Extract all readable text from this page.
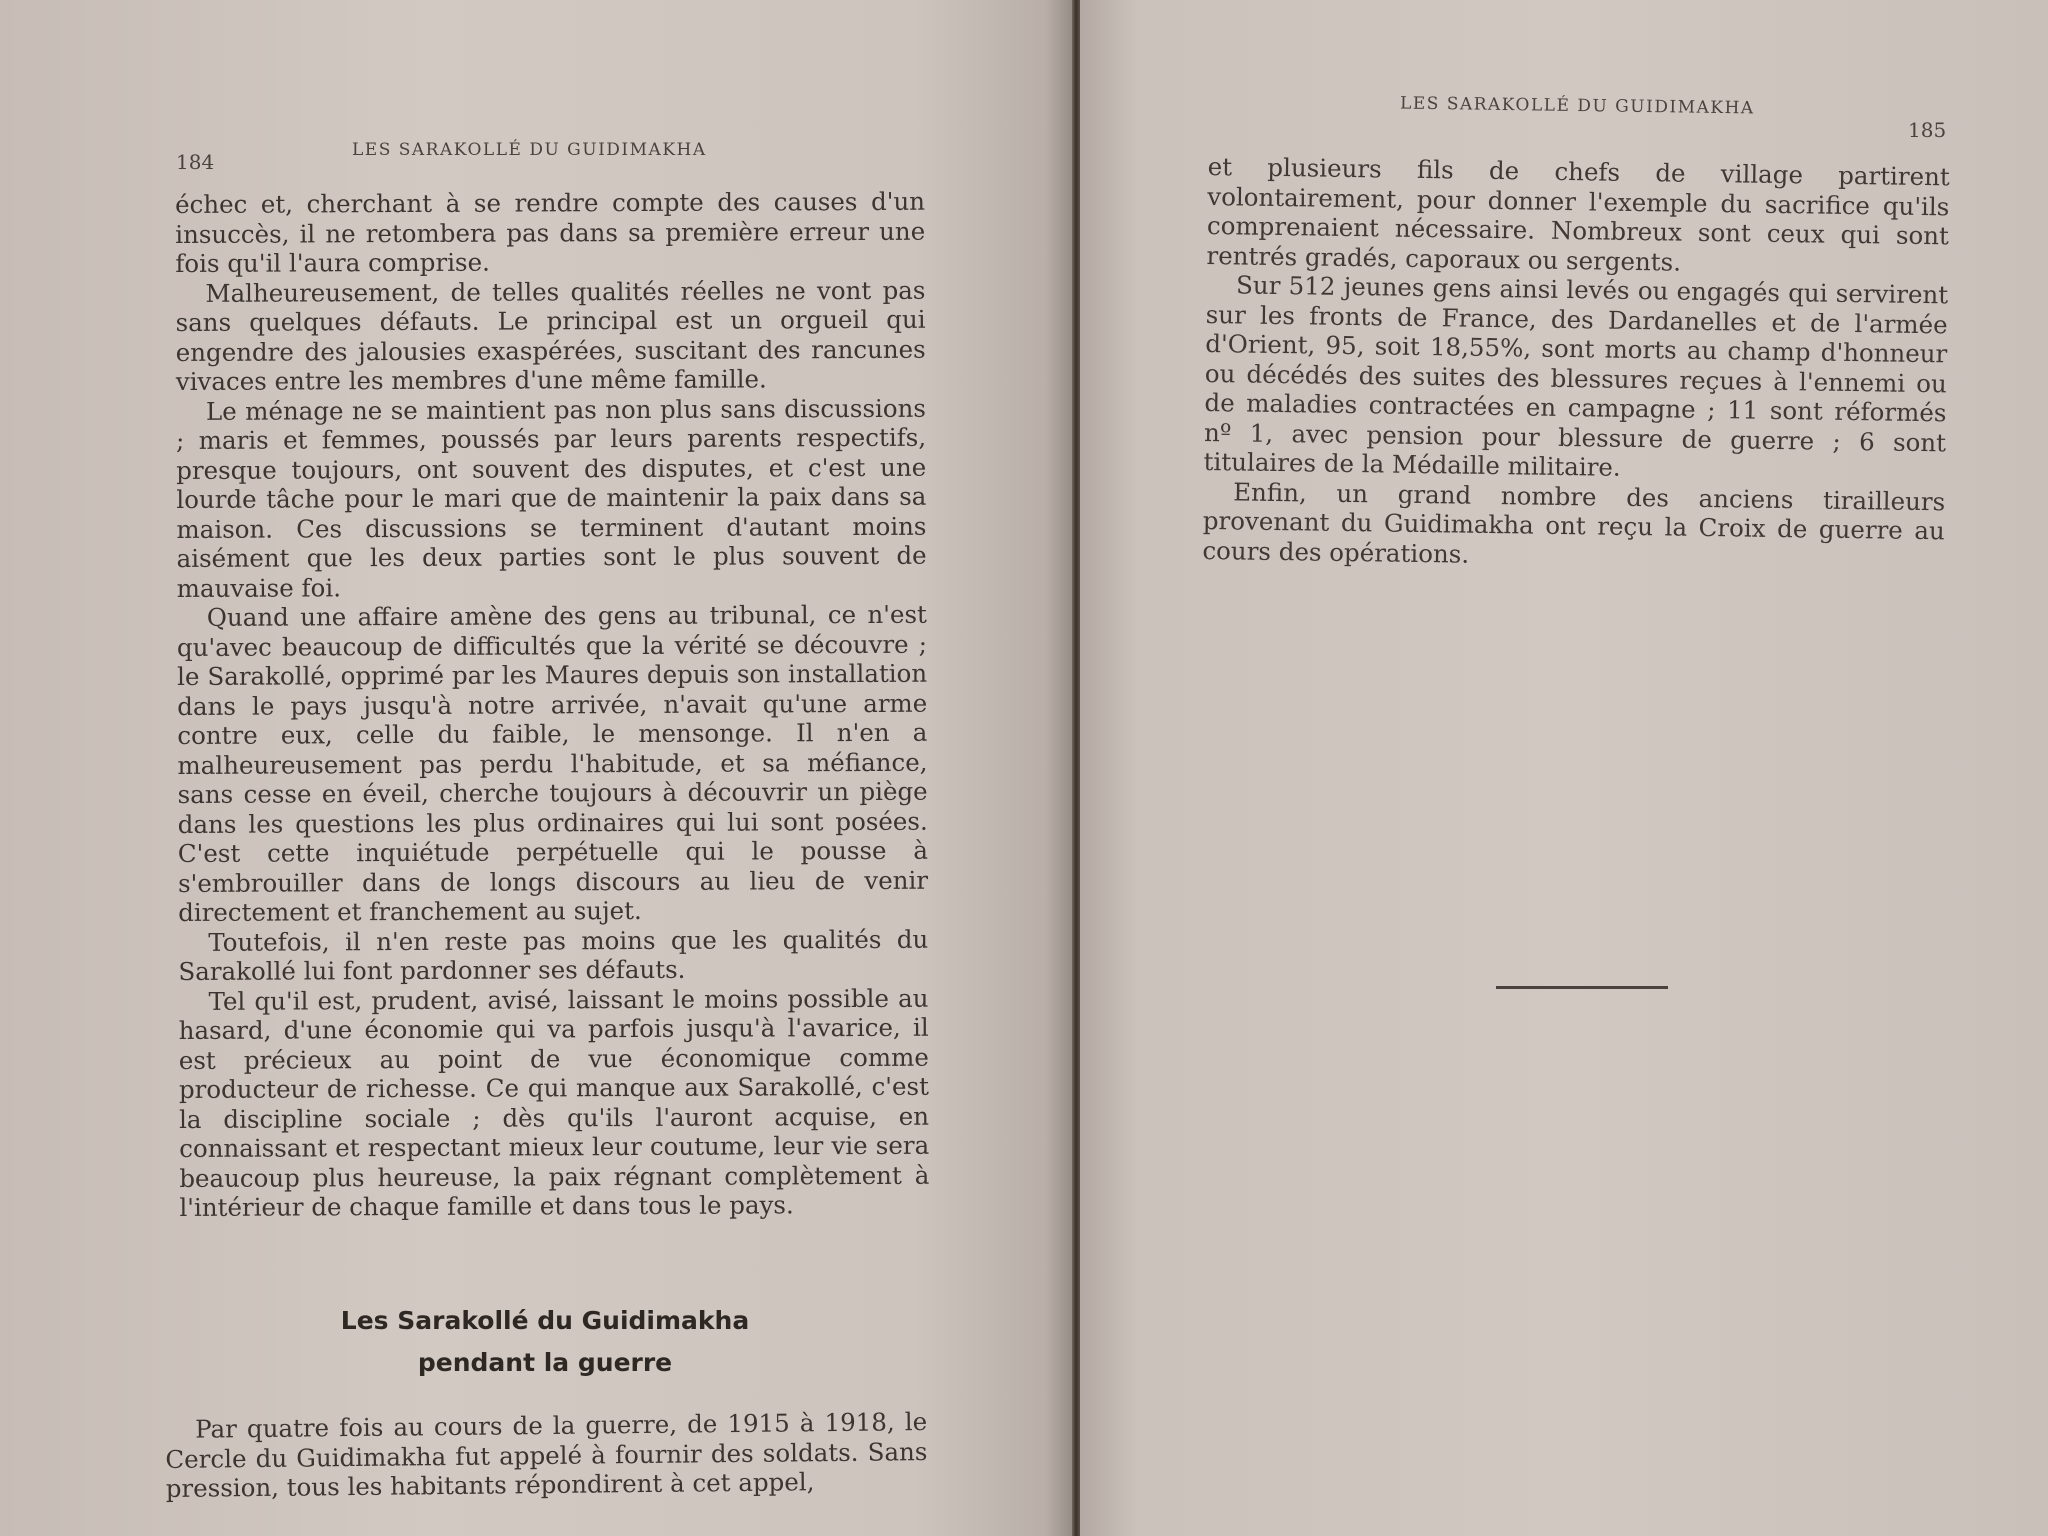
184	LES SARAKOLLÉ DU GUIDIMAKHA

échec et, cherchant à se rendre compte des causes d'un insuccès, il ne retombera pas dans sa première erreur une fois qu'il l'aura comprise.

Malheureusement, de telles qualités réelles ne vont pas sans quelques défauts. Le principal est un orgueil qui engendre des jalousies exaspérées, suscitant des rancunes vivaces entre les membres d'une même famille.

Le ménage ne se maintient pas non plus sans discussions ; maris et femmes, poussés par leurs parents respectifs, presque toujours, ont souvent des disputes, et c'est une lourde tâche pour le mari que de maintenir la paix dans sa maison. Ces discussions se terminent d'autant moins aisément que les deux parties sont le plus souvent de mauvaise foi.

Quand une affaire amène des gens au tribunal, ce n'est qu'avec beaucoup de difficultés que la vérité se découvre ; le Sarakollé, opprimé par les Maures depuis son installation dans le pays jusqu'à notre arrivée, n'avait qu'une arme contre eux, celle du faible, le mensonge. Il n'en a malheureusement pas perdu l'habitude, et sa méfiance, sans cesse en éveil, cherche toujours à découvrir un piège dans les questions les plus ordinaires qui lui sont posées. C'est cette inquiétude perpétuelle qui le pousse à s'embrouiller dans de longs discours au lieu de venir directement et franchement au sujet.

Toutefois, il n'en reste pas moins que les qualités du Sarakollé lui font pardonner ses défauts.

Tel qu'il est, prudent, avisé, laissant le moins possible au hasard, d'une économie qui va parfois jusqu'à l'avarice, il est précieux au point de vue économique comme producteur de richesse. Ce qui manque aux Sarakollé, c'est la discipline sociale ; dès qu'ils l'auront acquise, en connaissant et respectant mieux leur coutume, leur vie sera beaucoup plus heureuse, la paix régnant complètement à l'intérieur de chaque famille et dans tous le pays.

Les Sarakollé du Guidimakha
pendant la guerre

Par quatre fois au cours de la guerre, de 1915 à 1918, le Cercle du Guidimakha fut appelé à fournir des soldats. Sans pression, tous les habitants répondirent à cet appel,

LES SARAKOLLÉ DU GUIDIMAKHA
185

et plusieurs fils de chefs de village partirent volontairement, pour donner l'exemple du sacrifice qu'ils comprenaient nécessaire. Nombreux sont ceux qui sont rentrés gradés, caporaux ou sergents.

Sur 512 jeunes gens ainsi levés ou engagés qui servirent sur les fronts de France, des Dardanelles et de l'armée d'Orient, 95, soit 18,55%, sont morts au champ d'honneur ou décédés des suites des blessures reçues à l'ennemi ou de maladies contractées en campagne ; 11 sont réformés nº 1, avec pension pour blessure de guerre ; 6 sont titulaires de la Médaille militaire.

Enfin, un grand nombre des anciens tirailleurs provenant du Guidimakha ont reçu la Croix de guerre au cours des opérations.
